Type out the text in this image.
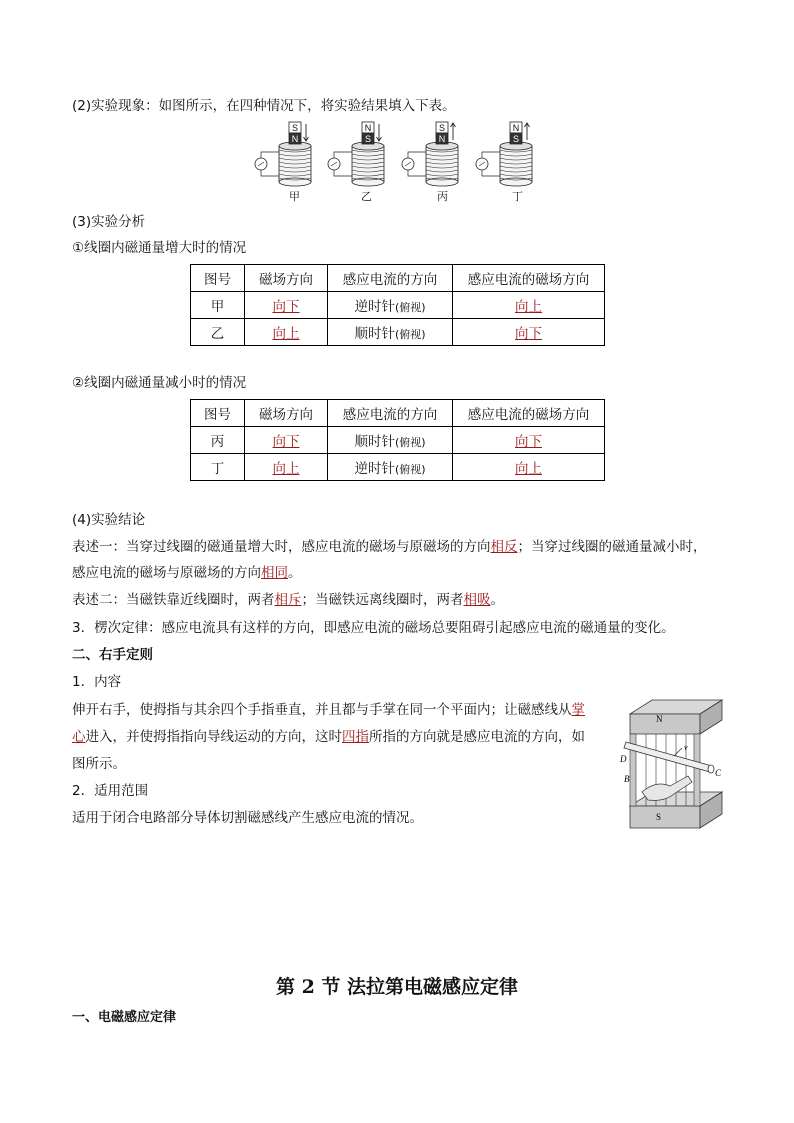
(2)实验现象：如图所示，在四种情况下，将实验结果填入下表。
S
N
N
S
S
N
N
S
甲	乙	丙	丁
(3)实验分析
①线圈内磁通量增大时的情况
图号	磁场方向	感应电流的方向	感应电流的磁场方向
甲	向下	逆时针(俯视)	向上
乙	向上	顺时针(俯视)	向下
②线圈内磁通量减小时的情况
图号	磁场方向	感应电流的方向	感应电流的磁场方向
丙	向下	顺时针(俯视)	向下
丁	向上	逆时针(俯视)	向上
(4)实验结论
表述一：当穿过线圈的磁通量增大时，感应电流的磁场与原磁场的方向相反；当穿过线圈的磁通量减小时，
感应电流的磁场与原磁场的方向相同。
表述二：当磁铁靠近线圈时，两者相斥；当磁铁远离线圈时，两者相吸。
3．楞次定律：感应电流具有这样的方向，即感应电流的磁场总要阻碍引起感应电流的磁通量的变化。
二、右手定则
1．内容
伸开右手，使拇指与其余四个手指垂直，并且都与手掌在同一个平面内；让磁感线从掌
心进入，并使拇指指向导线运动的方向，这时四指所指的方向就是感应电流的方向，如
图所示。
2．适用范围
适用于闭合电路部分导体切割磁感线产生感应电流的情况。
N
S
D
B
C
v
第 2 节 法拉第电磁感应定律
一、电磁感应定律
